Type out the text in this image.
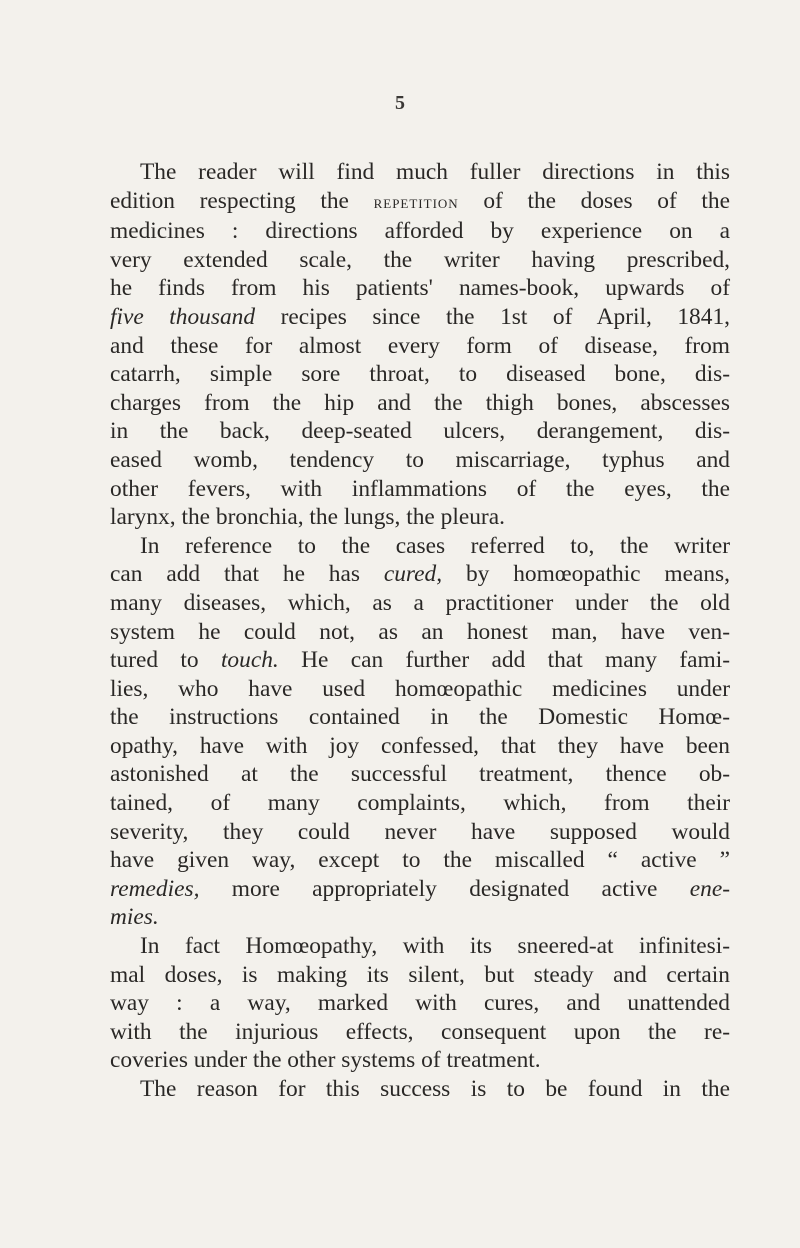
5
The reader will find much fuller directions in this
edition respecting the repetition of the doses of the
medicines : directions afforded by experience on a
very extended scale, the writer having prescribed,
he finds from his patients' names-book, upwards of
five thousand recipes since the 1st of April, 1841,
and these for almost every form of disease, from
catarrh, simple sore throat, to diseased bone, dis-
charges from the hip and the thigh bones, abscesses
in the back, deep-seated ulcers, derangement, dis-
eased womb, tendency to miscarriage, typhus and
other fevers, with inflammations of the eyes, the
larynx, the bronchia, the lungs, the pleura.
In reference to the cases referred to, the writer
can add that he has cured, by homœopathic means,
many diseases, which, as a practitioner under the old
system he could not, as an honest man, have ven-
tured to touch. He can further add that many fami-
lies, who have used homœopathic medicines under
the instructions contained in the Domestic Homœ-
opathy, have with joy confessed, that they have been
astonished at the successful treatment, thence ob-
tained, of many complaints, which, from their
severity, they could never have supposed would
have given way, except to the miscalled “ active ”
remedies, more appropriately designated active ene-
mies.
In fact Homœopathy, with its sneered-at infinitesi-
mal doses, is making its silent, but steady and certain
way : a way, marked with cures, and unattended
with the injurious effects, consequent upon the re-
coveries under the other systems of treatment.
The reason for this success is to be found in the
